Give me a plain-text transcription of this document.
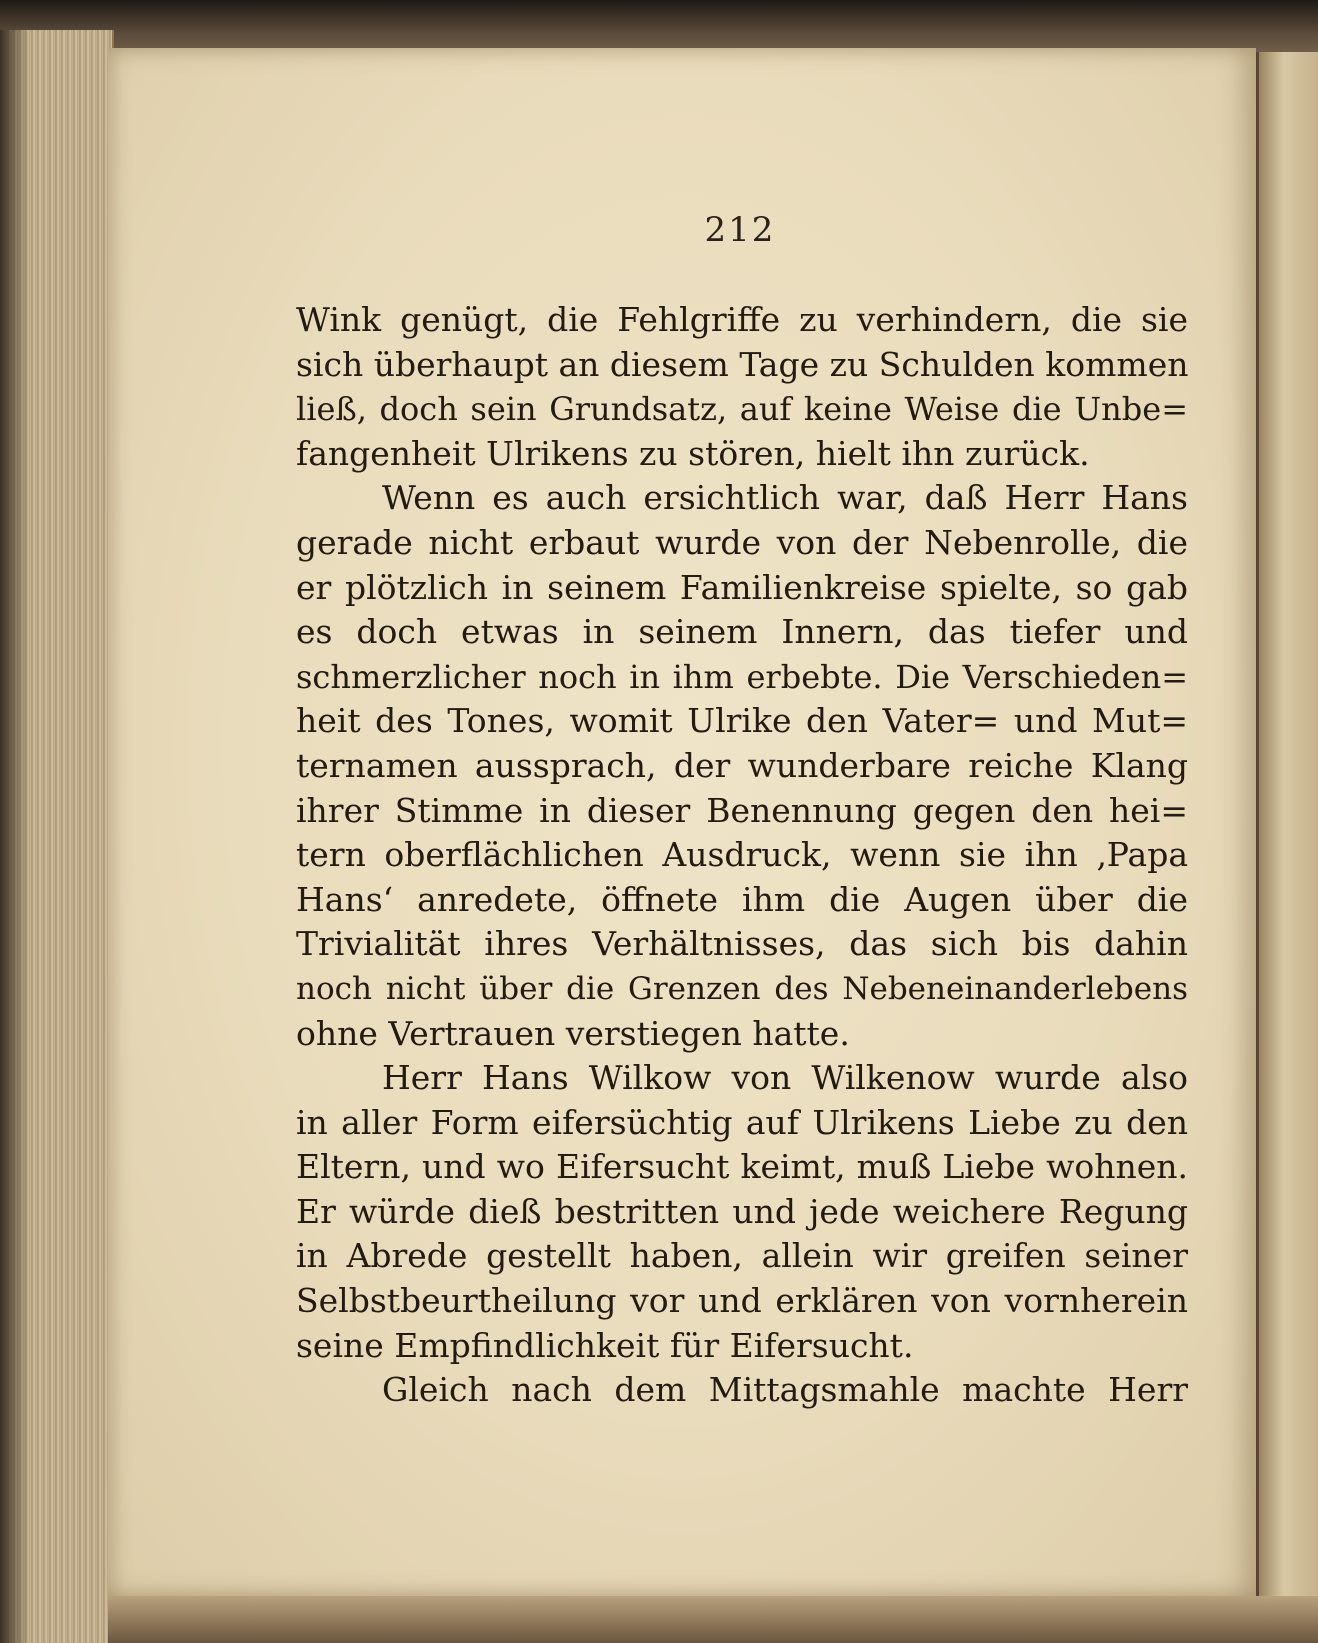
212
Wink genügt, die Fehlgriffe zu verhindern, die sie
sich überhaupt an diesem Tage zu Schulden kommen
ließ, doch sein Grundsatz, auf keine Weise die Unbe=
fangenheit Ulrikens zu stören, hielt ihn zurück.
Wenn es auch ersichtlich war, daß Herr Hans
gerade nicht erbaut wurde von der Nebenrolle, die
er plötzlich in seinem Familienkreise spielte, so gab
es doch etwas in seinem Innern, das tiefer und
schmerzlicher noch in ihm erbebte. Die Verschieden=
heit des Tones, womit Ulrike den Vater= und Mut=
ternamen aussprach, der wunderbare reiche Klang
ihrer Stimme in dieser Benennung gegen den hei=
tern oberflächlichen Ausdruck, wenn sie ihn ‚Papa
Hans‘ anredete, öffnete ihm die Augen über die
Trivialität ihres Verhältnisses, das sich bis dahin
noch nicht über die Grenzen des Nebeneinanderlebens
ohne Vertrauen verstiegen hatte.
Herr Hans Wilkow von Wilkenow wurde also
in aller Form eifersüchtig auf Ulrikens Liebe zu den
Eltern, und wo Eifersucht keimt, muß Liebe wohnen.
Er würde dieß bestritten und jede weichere Regung
in Abrede gestellt haben, allein wir greifen seiner
Selbstbeurtheilung vor und erklären von vornherein
seine Empfindlichkeit für Eifersucht.
Gleich nach dem Mittagsmahle machte Herr
